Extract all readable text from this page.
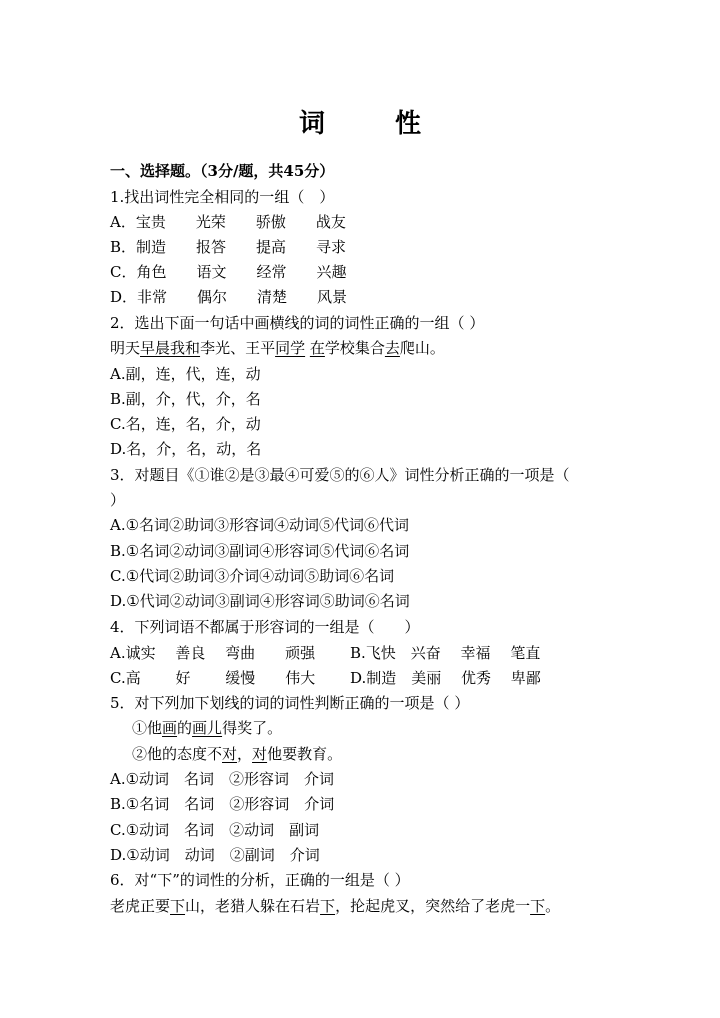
词　性
一、选择题。（3分/题，共45分）
1.找出词性完全相同的一组（　）
A．宝贵　　光荣　　骄傲　　战友
B．制造　　报答　　提高　　寻求
C．角色　　语文　　经常　　兴趣
D．非常　　偶尔　　清楚　　风景
2．选出下面一句话中画横线的词的词性正确的一组（ ）
明天早晨我和李光、王平同学 在学校集合去爬山。
A.副，连，代，连，动
B.副，介，代，介，名
C.名，连，名，介，动
D.名，介，名，动，名
3．对题目《①谁②是③最④可爱⑤的⑥人》词性分析正确的一项是（
）
A.①名词②助词③形容词④动词⑤代词⑥代词
B.①名词②动词③副词④形容词⑤代词⑥名词
C.①代词②助词③介词④动词⑤助词⑥名词
D.①代词②动词③副词④形容词⑤助词⑥名词
4．下列词语不都属于形容词的一组是（　　）
A.诚实　 善良　 弯曲　　顽强 B.飞快　兴奋　 幸福　 笔直
C.高　　 好　　 缓慢　　伟大 D.制造　美丽　 优秀　 卑鄙
5．对下列加下划线的词的词性判断正确的一项是（ ）
①他画的画儿得奖了。
②他的态度不对，对他要教育。
A.①动词　名词　②形容词　介词
B.①名词　名词　②形容词　介词
C.①动词　名词　②动词　副词
D.①动词　动词　②副词　介词
6．对“下”的词性的分析，正确的一组是（ ）
老虎正要下山，老猎人躲在石岩下，抡起虎叉，突然给了老虎一下。
